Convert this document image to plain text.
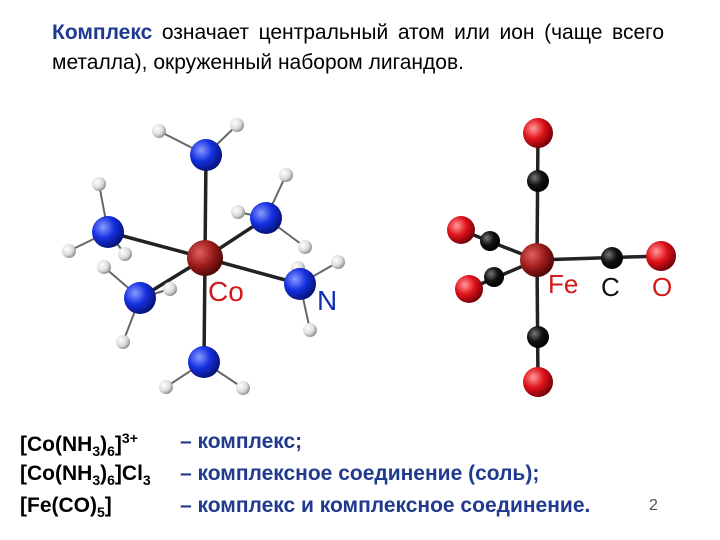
Комплекс означает центральный атом или ион (чаще всего металла), окруженный набором лигандов.
Co	N
Fe C O
$[Co(NH_3)_6]^{3+}$ – комплекс;
$[Co(NH_3)_6]Cl_3$ – комплексное соединение (соль);
$[Fe(CO)_5]$	– комплекс и комплексное соединение.	2
